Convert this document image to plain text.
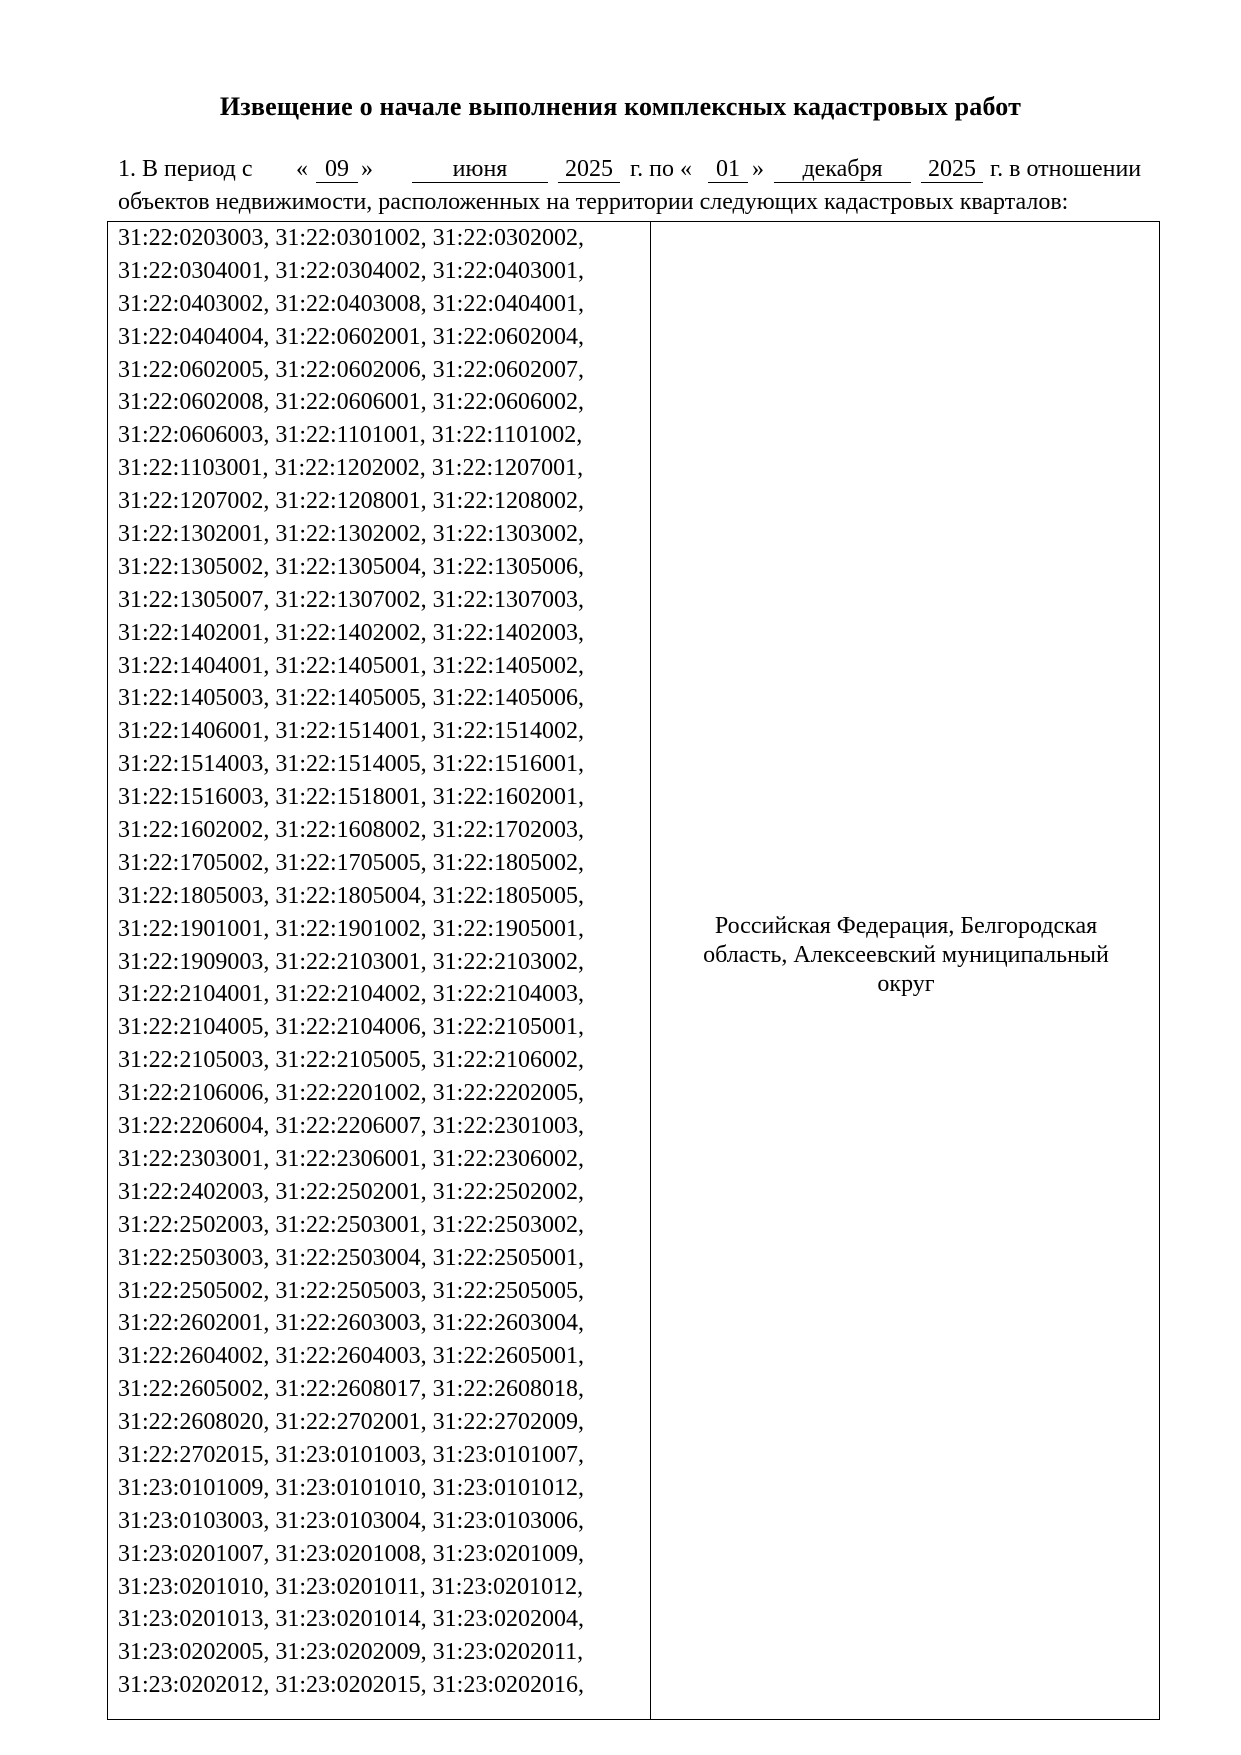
Извещение о начале выполнения комплексных кадастровых работ
1. В период с « 09 »	июня	2025 г. по «	01 »	декабря	2025 г. в отношении
объектов недвижимости, расположенных на территории следующих кадастровых кварталов:
31:22:0203003, 31:22:0301002, 31:22:0302002,
31:22:0304001, 31:22:0304002, 31:22:0403001,
31:22:0403002, 31:22:0403008, 31:22:0404001,
31:22:0404004, 31:22:0602001, 31:22:0602004,
31:22:0602005, 31:22:0602006, 31:22:0602007,
31:22:0602008, 31:22:0606001, 31:22:0606002,
31:22:0606003, 31:22:1101001, 31:22:1101002,
31:22:1103001, 31:22:1202002, 31:22:1207001,
31:22:1207002, 31:22:1208001, 31:22:1208002,
31:22:1302001, 31:22:1302002, 31:22:1303002,
31:22:1305002, 31:22:1305004, 31:22:1305006,
31:22:1305007, 31:22:1307002, 31:22:1307003,
31:22:1402001, 31:22:1402002, 31:22:1402003,
31:22:1404001, 31:22:1405001, 31:22:1405002,
31:22:1405003, 31:22:1405005, 31:22:1405006,
31:22:1406001, 31:22:1514001, 31:22:1514002,
31:22:1514003, 31:22:1514005, 31:22:1516001,
31:22:1516003, 31:22:1518001, 31:22:1602001,
31:22:1602002, 31:22:1608002, 31:22:1702003,
31:22:1705002, 31:22:1705005, 31:22:1805002,
31:22:1805003, 31:22:1805004, 31:22:1805005,
31:22:1901001, 31:22:1901002, 31:22:1905001,
31:22:1909003, 31:22:2103001, 31:22:2103002,
31:22:2104001, 31:22:2104002, 31:22:2104003,
31:22:2104005, 31:22:2104006, 31:22:2105001,
31:22:2105003, 31:22:2105005, 31:22:2106002,
31:22:2106006, 31:22:2201002, 31:22:2202005,
31:22:2206004, 31:22:2206007, 31:22:2301003,
31:22:2303001, 31:22:2306001, 31:22:2306002,
31:22:2402003, 31:22:2502001, 31:22:2502002,
31:22:2502003, 31:22:2503001, 31:22:2503002,
31:22:2503003, 31:22:2503004, 31:22:2505001,
31:22:2505002, 31:22:2505003, 31:22:2505005,
31:22:2602001, 31:22:2603003, 31:22:2603004,
31:22:2604002, 31:22:2604003, 31:22:2605001,
31:22:2605002, 31:22:2608017, 31:22:2608018,
31:22:2608020, 31:22:2702001, 31:22:2702009,
31:22:2702015, 31:23:0101003, 31:23:0101007,
31:23:0101009, 31:23:0101010, 31:23:0101012,
31:23:0103003, 31:23:0103004, 31:23:0103006,
31:23:0201007, 31:23:0201008, 31:23:0201009,
31:23:0201010, 31:23:0201011, 31:23:0201012,
31:23:0201013, 31:23:0201014, 31:23:0202004,
31:23:0202005, 31:23:0202009, 31:23:0202011,
31:23:0202012, 31:23:0202015, 31:23:0202016,
Российская Федерация, Белгородская
область, Алексеевский муниципальный
округ
